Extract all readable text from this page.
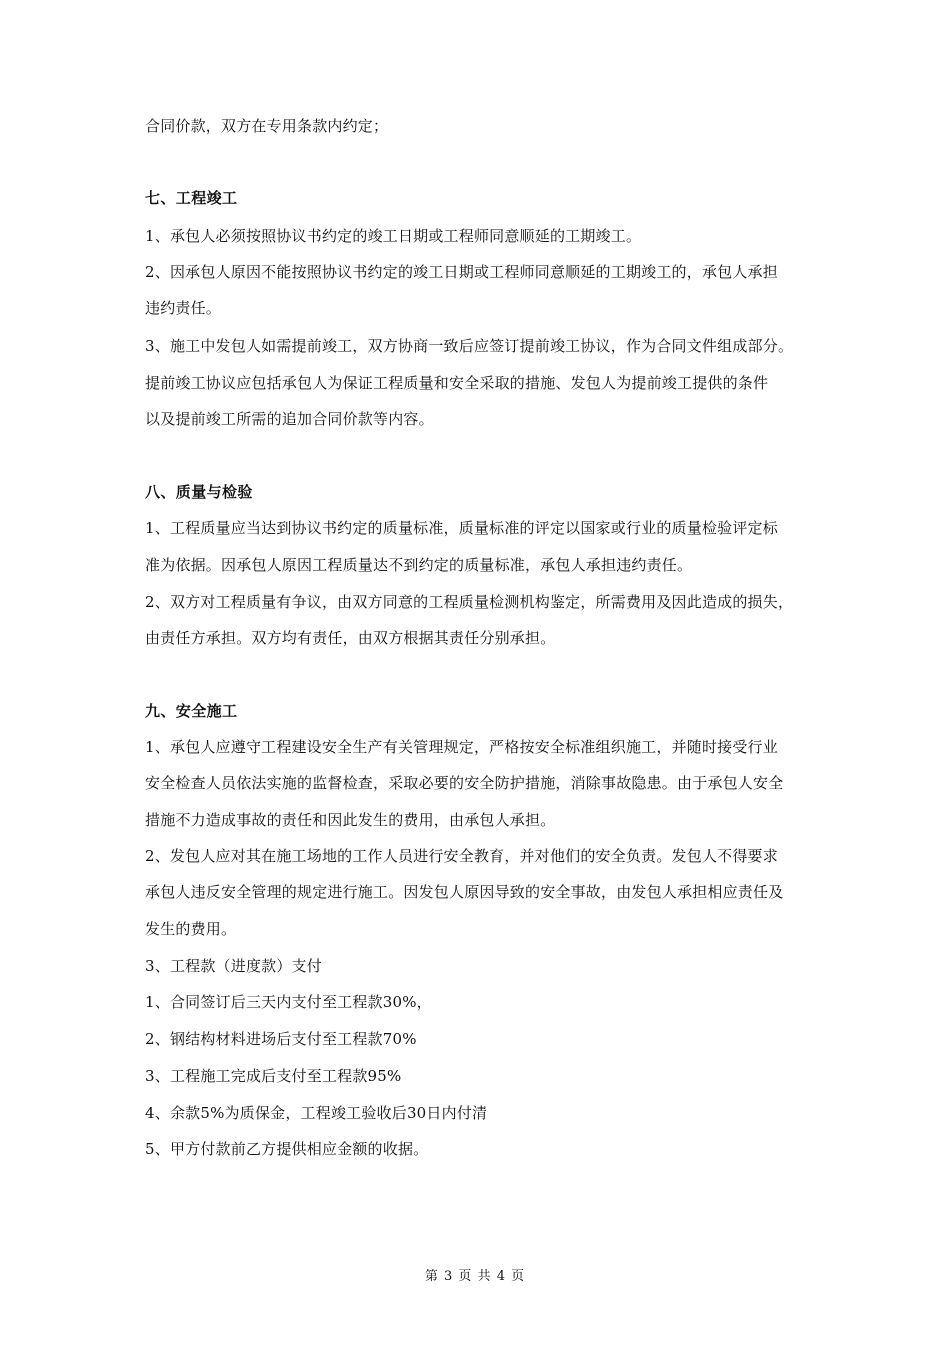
合同价款，双方在专用条款内约定；
七、工程竣工
1、承包人必须按照协议书约定的竣工日期或工程师同意顺延的工期竣工。
2、因承包人原因不能按照协议书约定的竣工日期或工程师同意顺延的工期竣工的，承包人承担
违约责任。
3、施工中发包人如需提前竣工，双方协商一致后应签订提前竣工协议，作为合同文件组成部分。
提前竣工协议应包括承包人为保证工程质量和安全采取的措施、发包人为提前竣工提供的条件
以及提前竣工所需的追加合同价款等内容。
八、质量与检验
1、工程质量应当达到协议书约定的质量标准，质量标准的评定以国家或行业的质量检验评定标
准为依据。因承包人原因工程质量达不到约定的质量标准，承包人承担违约责任。
2、双方对工程质量有争议，由双方同意的工程质量检测机构鉴定，所需费用及因此造成的损失，
由责任方承担。双方均有责任，由双方根据其责任分别承担。
九、安全施工
1、承包人应遵守工程建设安全生产有关管理规定，严格按安全标准组织施工，并随时接受行业
安全检查人员依法实施的监督检查，采取必要的安全防护措施，消除事故隐患。由于承包人安全
措施不力造成事故的责任和因此发生的费用，由承包人承担。
2、发包人应对其在施工场地的工作人员进行安全教育，并对他们的安全负责。发包人不得要求
承包人违反安全管理的规定进行施工。因发包人原因导致的安全事故，由发包人承担相应责任及
发生的费用。
3、工程款（进度款）支付
1、合同签订后三天内支付至工程款30%，
2、钢结构材料进场后支付至工程款70%
3、工程施工完成后支付至工程款95%
4、余款5%为质保金，工程竣工验收后30日内付清
5、甲方付款前乙方提供相应金额的收据。
第 3 页 共 4 页
